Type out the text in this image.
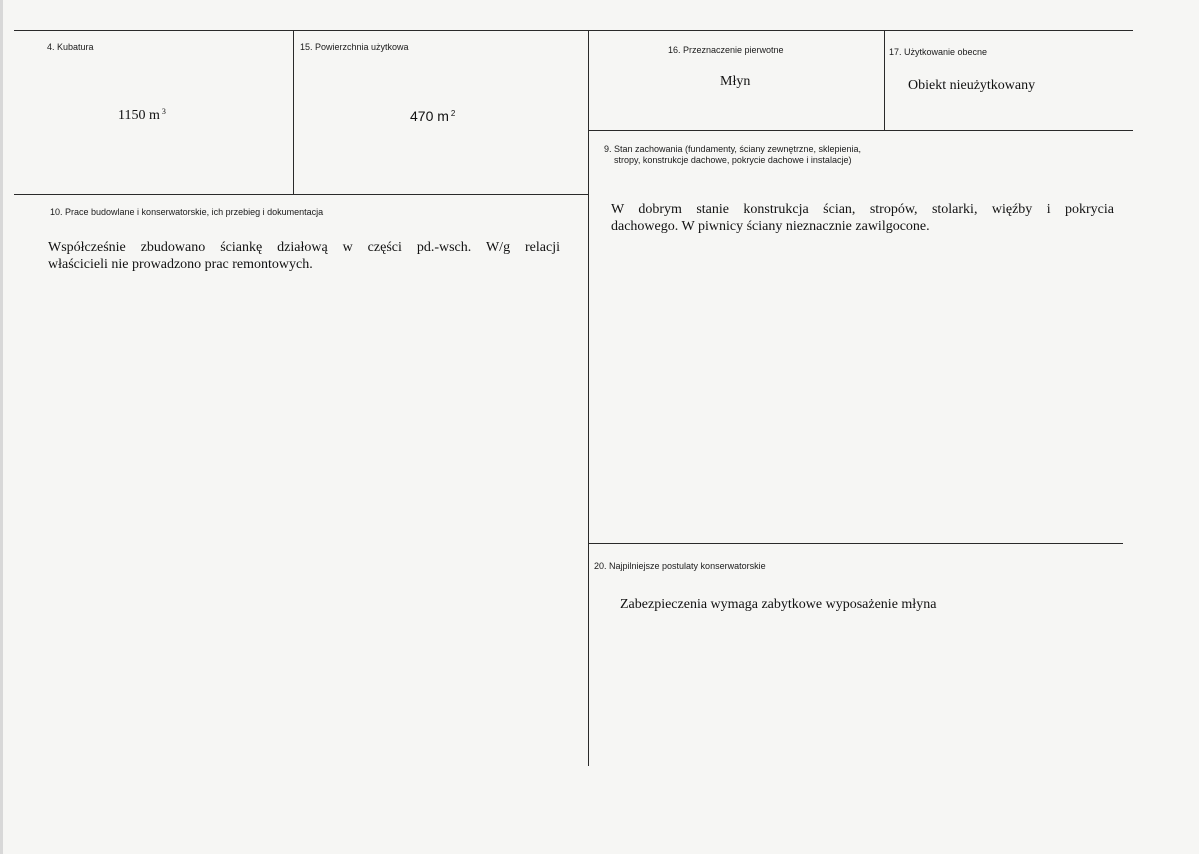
4. Kubatura
1150 m $^3$
15. Powierzchnia użytkowa
470 m $^2$
16. Przeznaczenie pierwotne
Młyn
17. Użytkowanie obecne
Obiekt nieużytkowany
9. Stan zachowania (fundamenty, ściany zewnętrzne, sklepienia,
stropy, konstrukcje dachowe, pokrycie dachowe i instalacje)
W dobrym stanie konstrukcja ścian, stropów, stolarki, więźby i pokrycia
dachowego. W piwnicy ściany nieznacznie zawilgocone.
10. Prace budowlane i konserwatorskie, ich przebieg i dokumentacja
Współcześnie zbudowano ściankę działową w części pd.-wsch. W/g relacji
właścicieli nie prowadzono prac remontowych.
20. Najpilniejsze postulaty konserwatorskie
Zabezpieczenia wymaga zabytkowe wyposażenie młyna
